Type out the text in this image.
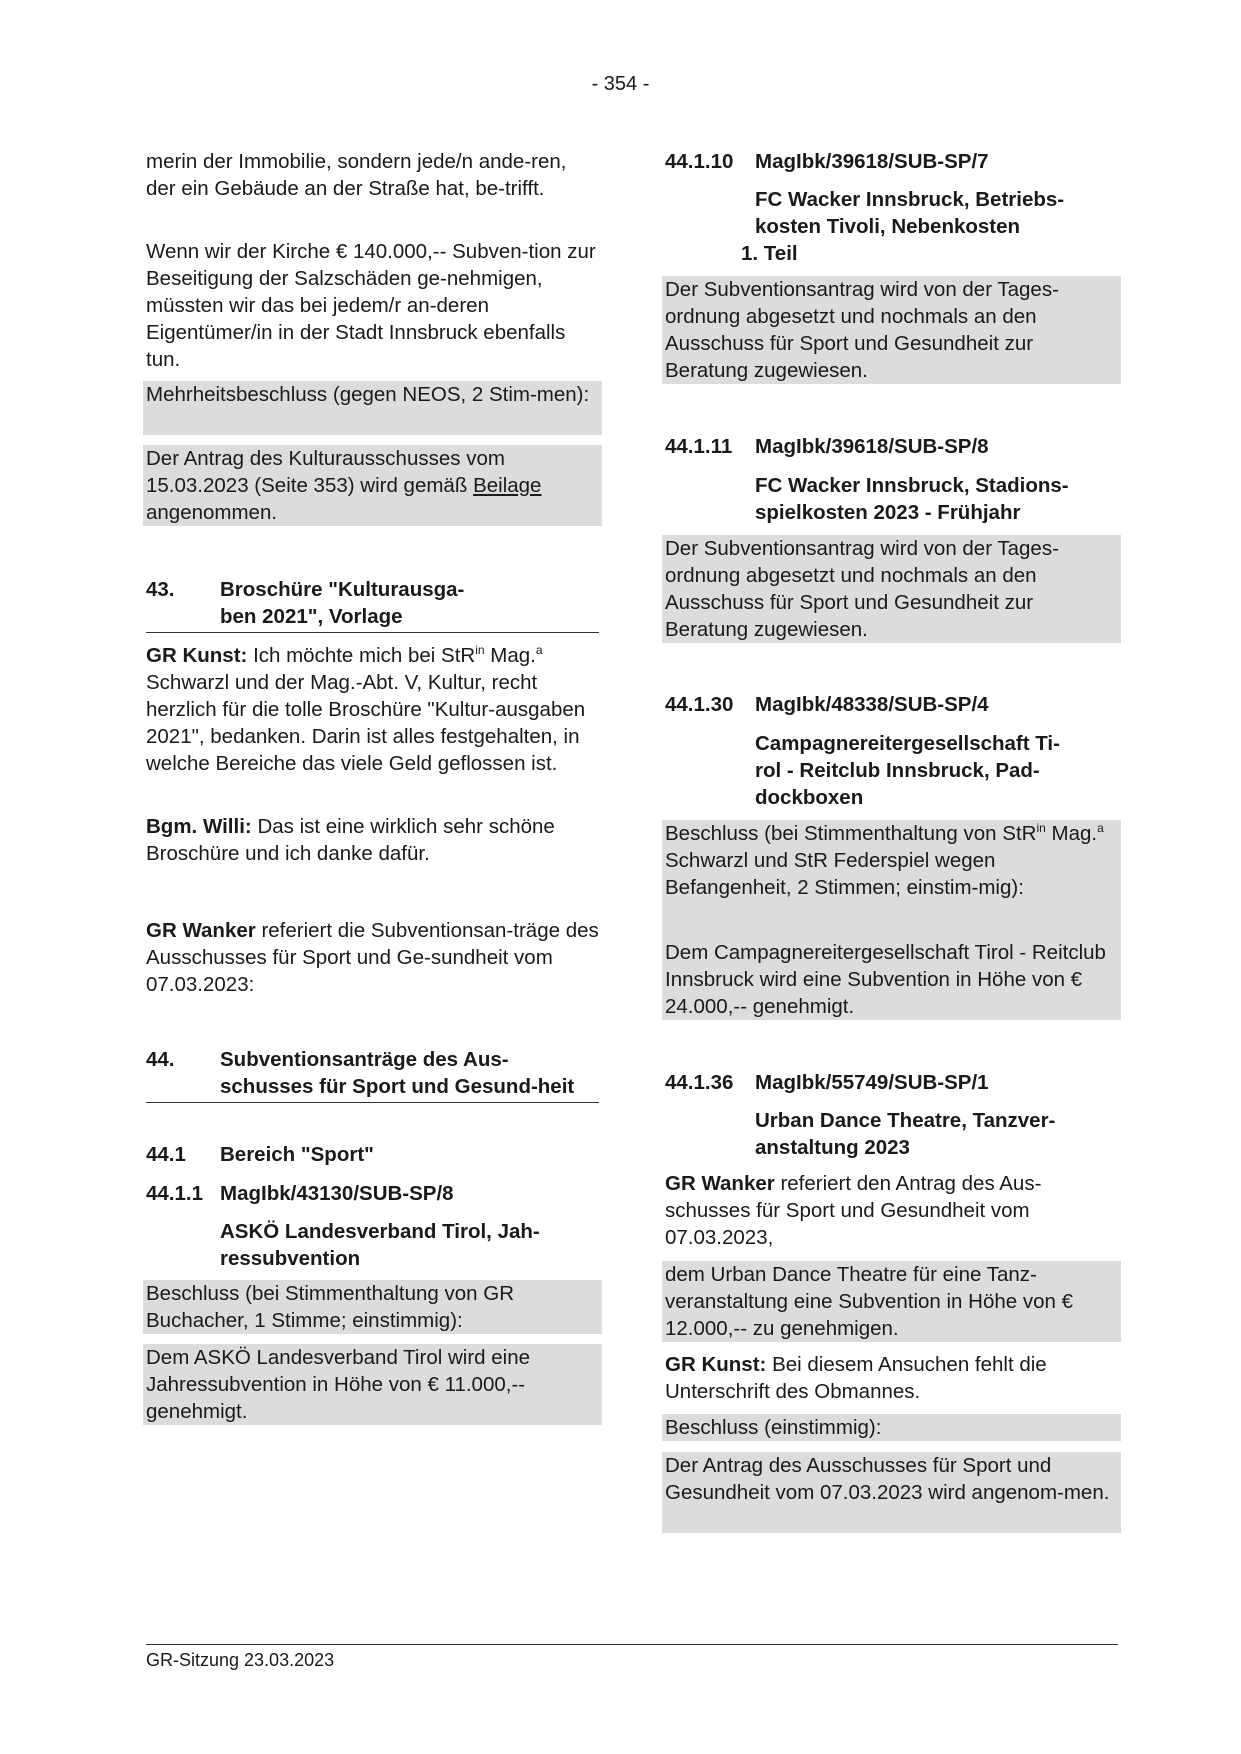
- 354 -
merin der Immobilie, sondern jede/n ande-ren, der ein Gebäude an der Straße hat, be-trifft.
Wenn wir der Kirche € 140.000,-- Subven-tion zur Beseitigung der Salzschäden ge-nehmigen, müssten wir das bei jedem/r an-deren Eigentümer/in in der Stadt Innsbruck ebenfalls tun.
Mehrheitsbeschluss (gegen NEOS, 2 Stim-men):
Der Antrag des Kulturausschusses vom 15.03.2023 (Seite 353) wird gemäß Beilage angenommen.
43.	Broschüre "Kulturausga-ben 2021", Vorlage
GR Kunst: Ich möchte mich bei StR$^{in}$ Mag.$^a$ Schwarzl und der Mag.-Abt. V, Kultur, recht herzlich für die tolle Broschüre "Kultur-ausgaben 2021", bedanken. Darin ist alles festgehalten, in welche Bereiche das viele Geld geflossen ist.
Bgm. Willi: Das ist eine wirklich sehr schöne Broschüre und ich danke dafür.
GR Wanker referiert die Subventionsan-träge des Ausschusses für Sport und Ge-sundheit vom 07.03.2023:
44.	Subventionsanträge des Aus-schusses für Sport und Gesund-heit
44.1	Bereich "Sport"
44.1.1 MagIbk/43130/SUB-SP/8
ASKÖ Landesverband Tirol, Jah-ressubvention
Beschluss (bei Stimmenthaltung von GR Buchacher, 1 Stimme; einstimmig):
Dem ASKÖ Landesverband Tirol wird eine Jahressubvention in Höhe von € 11.000,-- genehmigt.
44.1.10	MagIbk/39618/SUB-SP/7
FC Wacker Innsbruck, Betriebs-kosten Tivoli, Nebenkosten
1. Teil
Der Subventionsantrag wird von der Tages-ordnung abgesetzt und nochmals an den Ausschuss für Sport und Gesundheit zur Beratung zugewiesen.
44.1.11	MagIbk/39618/SUB-SP/8
FC Wacker Innsbruck, Stadions-spielkosten 2023 - Frühjahr
Der Subventionsantrag wird von der Tages-ordnung abgesetzt und nochmals an den Ausschuss für Sport und Gesundheit zur Beratung zugewiesen.
44.1.30	MagIbk/48338/SUB-SP/4
Campagnereitergesellschaft Ti-rol - Reitclub Innsbruck, Pad-dockboxen
Beschluss (bei Stimmenthaltung von StR$^{in}$ Mag.$^a$ Schwarzl und StR Federspiel wegen Befangenheit, 2 Stimmen; einstim-mig):
Dem Campagnereitergesellschaft Tirol - Reitclub Innsbruck wird eine Subvention in Höhe von € 24.000,-- genehmigt.
44.1.36	MagIbk/55749/SUB-SP/1
Urban Dance Theatre, Tanzver-anstaltung 2023
GR Wanker referiert den Antrag des Aus-schusses für Sport und Gesundheit vom 07.03.2023,
dem Urban Dance Theatre für eine Tanz-veranstaltung eine Subvention in Höhe von € 12.000,-- zu genehmigen.
GR Kunst: Bei diesem Ansuchen fehlt die Unterschrift des Obmannes.
Beschluss (einstimmig):
Der Antrag des Ausschusses für Sport und Gesundheit vom 07.03.2023 wird angenom-men.
GR-Sitzung 23.03.2023
